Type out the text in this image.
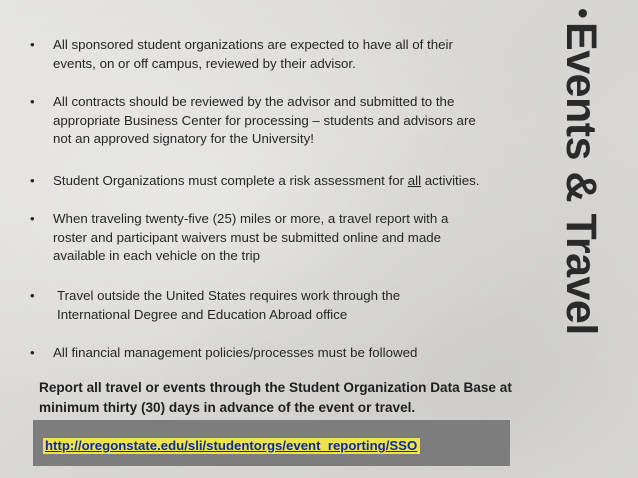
•	All sponsored student organizations are expected to have all of their
events, on or off campus, reviewed by their advisor.
•	All contracts should be reviewed by the advisor and submitted to the
appropriate Business Center for processing – students and advisors are
not an approved signatory for the University!
•	Student Organizations must complete a risk assessment for all activities.
•	When traveling twenty-five (25) miles or more, a travel report with a
roster and participant waivers must be submitted online and made
available in each vehicle on the trip
•	Travel outside the United States requires work through the
International Degree and Education Abroad office
•	All financial management policies/processes must be followed
Report all travel or events through the Student Organization Data Base at
minimum thirty (30) days in advance of the event or travel.
http://oregonstate.edu/sli/studentorgs/event_reporting/SSO
•Events & Travel
